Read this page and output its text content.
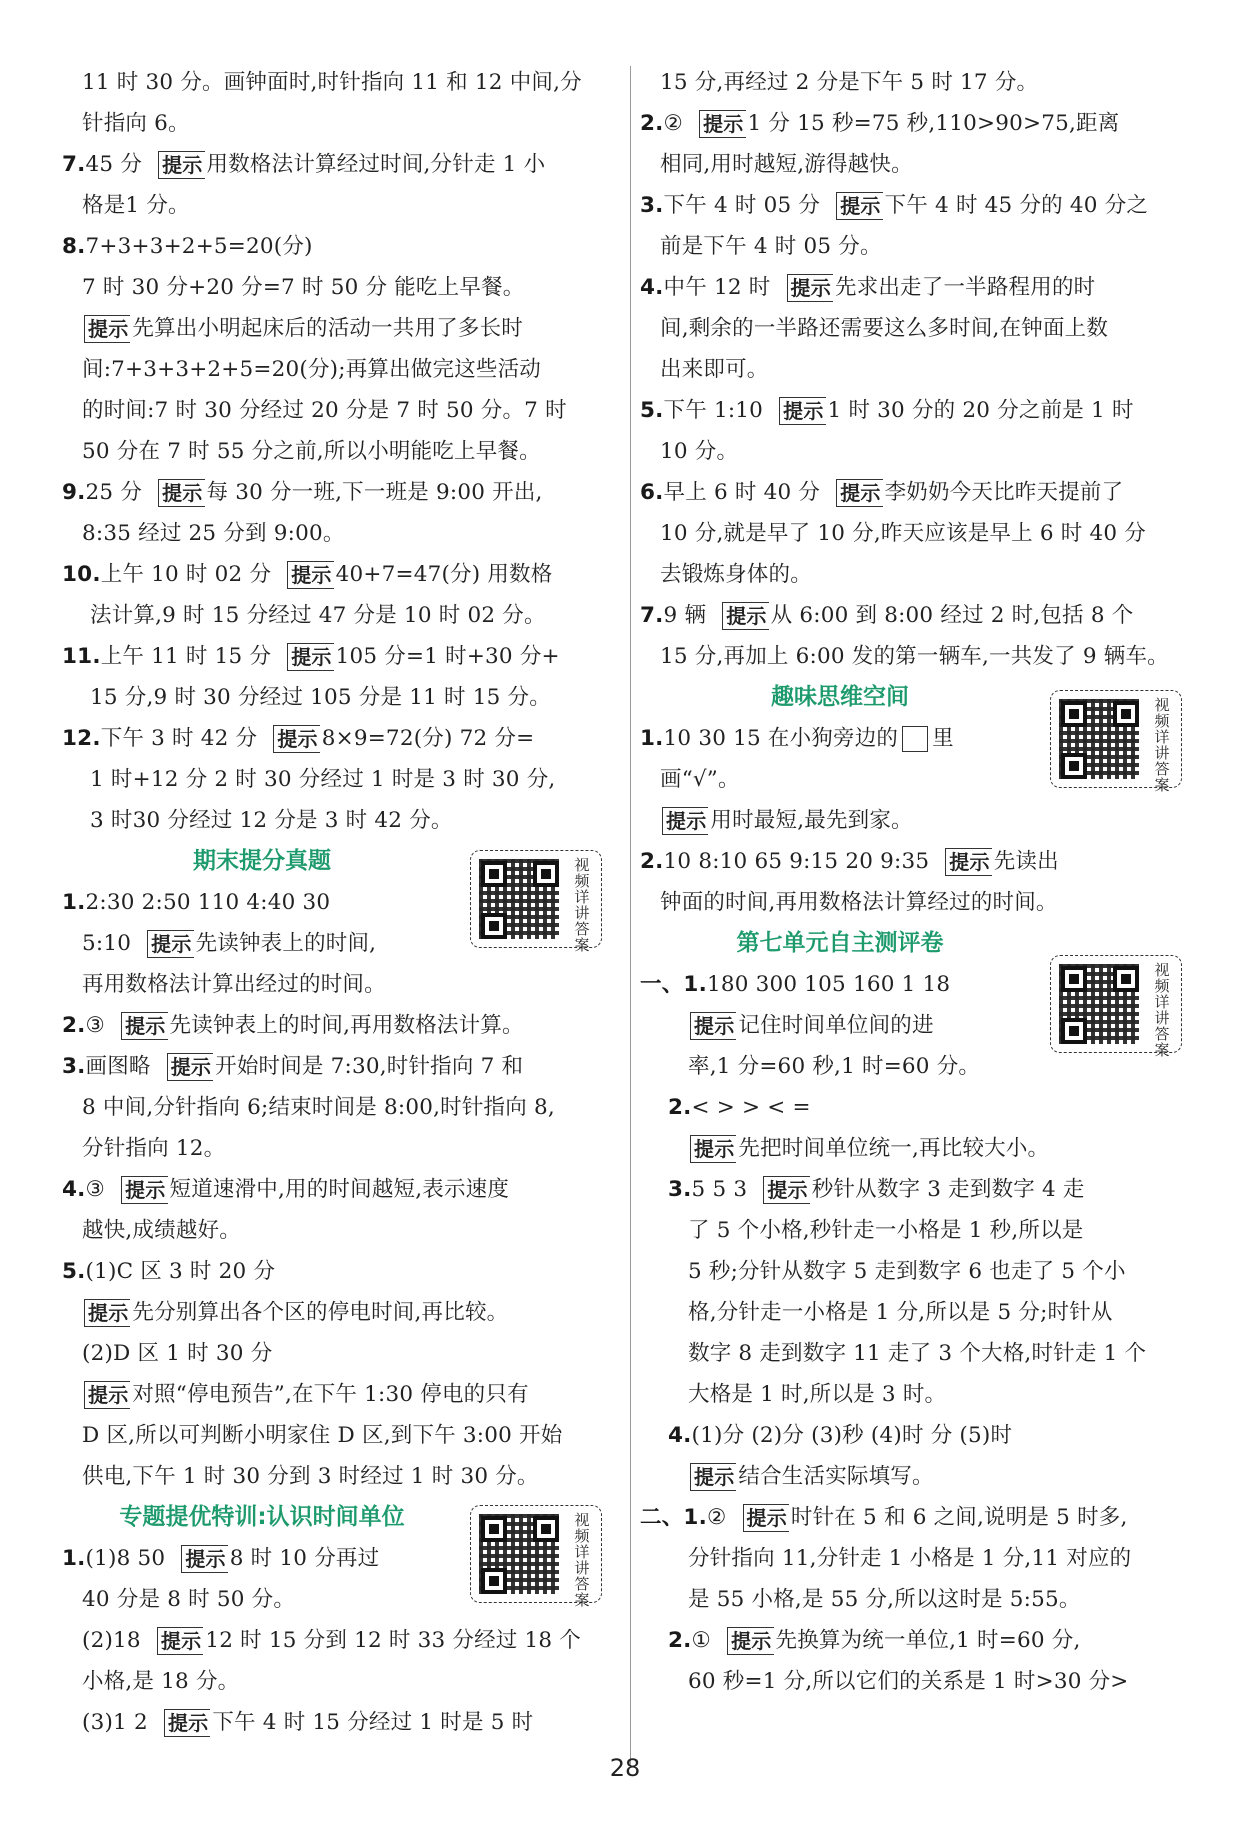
11 时 30 分。画钟面时,时针指向 11 和 12 中间,分
针指向 6。
7.45 分 提示 用数格法计算经过时间,分针走 1 小
格是1 分。
8.7+3+3+2+5=20(分)
7 时 30 分+20 分=7 时 50 分 能吃上早餐。
提示 先算出小明起床后的活动一共用了多长时
间:7+3+3+2+5=20(分);再算出做完这些活动
的时间:7 时 30 分经过 20 分是 7 时 50 分。7 时
50 分在 7 时 55 分之前,所以小明能吃上早餐。
9.25 分 提示 每 30 分一班,下一班是 9:00 开出,
8:35 经过 25 分到 9:00。
10.上午 10 时 02 分 提示 40+7=47(分) 用数格
法计算,9 时 15 分经过 47 分是 10 时 02 分。
11.上午 11 时 15 分 提示 105 分=1 时+30 分+
15 分,9 时 30 分经过 105 分是 11 时 15 分。
12.下午 3 时 42 分 提示 8×9=72(分) 72 分=
1 时+12 分 2 时 30 分经过 1 时是 3 时 30 分,
3 时30 分经过 12 分是 3 时 42 分。
期末提分真题
1.2:30 2:50 110 4:40 30
5:10 提示 先读钟表上的时间,
再用数格法计算出经过的时间。
2.③ 提示 先读钟表上的时间,再用数格法计算。
3.画图略 提示 开始时间是 7:30,时针指向 7 和
8 中间,分针指向 6;结束时间是 8:00,时针指向 8,
分针指向 12。
4.③ 提示 短道速滑中,用的时间越短,表示速度
越快,成绩越好。
5.(1)C 区 3 时 20 分
提示 先分别算出各个区的停电时间,再比较。
(2)D 区 1 时 30 分
提示 对照“停电预告”,在下午 1:30 停电的只有
D 区,所以可判断小明家住 D 区,到下午 3:00 开始
供电,下午 1 时 30 分到 3 时经过 1 时 30 分。
专题提优特训:认识时间单位
1.(1)8 50 提示 8 时 10 分再过
40 分是 8 时 50 分。
(2)18 提示 12 时 15 分到 12 时 33 分经过 18 个
小格,是 18 分。
(3)1 2 提示 下午 4 时 15 分经过 1 时是 5 时
15 分,再经过 2 分是下午 5 时 17 分。
2.② 提示 1 分 15 秒=75 秒,110>90>75,距离
相同,用时越短,游得越快。
3.下午 4 时 05 分 提示 下午 4 时 45 分的 40 分之
前是下午 4 时 05 分。
4.中午 12 时 提示 先求出走了一半路程用的时
间,剩余的一半路还需要这么多时间,在钟面上数
出来即可。
5.下午 1:10 提示 1 时 30 分的 20 分之前是 1 时
10 分。
6.早上 6 时 40 分 提示 李奶奶今天比昨天提前了
10 分,就是早了 10 分,昨天应该是早上 6 时 40 分
去锻炼身体的。
7.9 辆 提示 从 6:00 到 8:00 经过 2 时,包括 8 个
15 分,再加上 6:00 发的第一辆车,一共发了 9 辆车。
趣味思维空间
1.10 30 15 在小狗旁边的 里
画“√”。
提示 用时最短,最先到家。
2.10 8:10 65 9:15 20 9:35 提示 先读出
钟面的时间,再用数格法计算经过的时间。
第七单元自主测评卷
一、1.180 300 105 160 1 18
提示 记住时间单位间的进
率,1 分=60 秒,1 时=60 分。
2.< > > < =
提示 先把时间单位统一,再比较大小。
3.5 5 3 提示 秒针从数字 3 走到数字 4 走
了 5 个小格,秒针走一小格是 1 秒,所以是
5 秒;分针从数字 5 走到数字 6 也走了 5 个小
格,分针走一小格是 1 分,所以是 5 分;时针从
数字 8 走到数字 11 走了 3 个大格,时针走 1 个
大格是 1 时,所以是 3 时。
4.(1)分 (2)分 (3)秒 (4)时 分 (5)时
提示 结合生活实际填写。
二、1.② 提示 时针在 5 和 6 之间,说明是 5 时多,
分针指向 11,分针走 1 小格是 1 分,11 对应的
是 55 小格,是 55 分,所以这时是 5:55。
2.① 提示 先换算为统一单位,1 时=60 分,
60 秒=1 分,所以它们的关系是 1 时>30 分>
视频详讲答案
视频详讲答案
视频详讲答案
视频详讲答案
28
